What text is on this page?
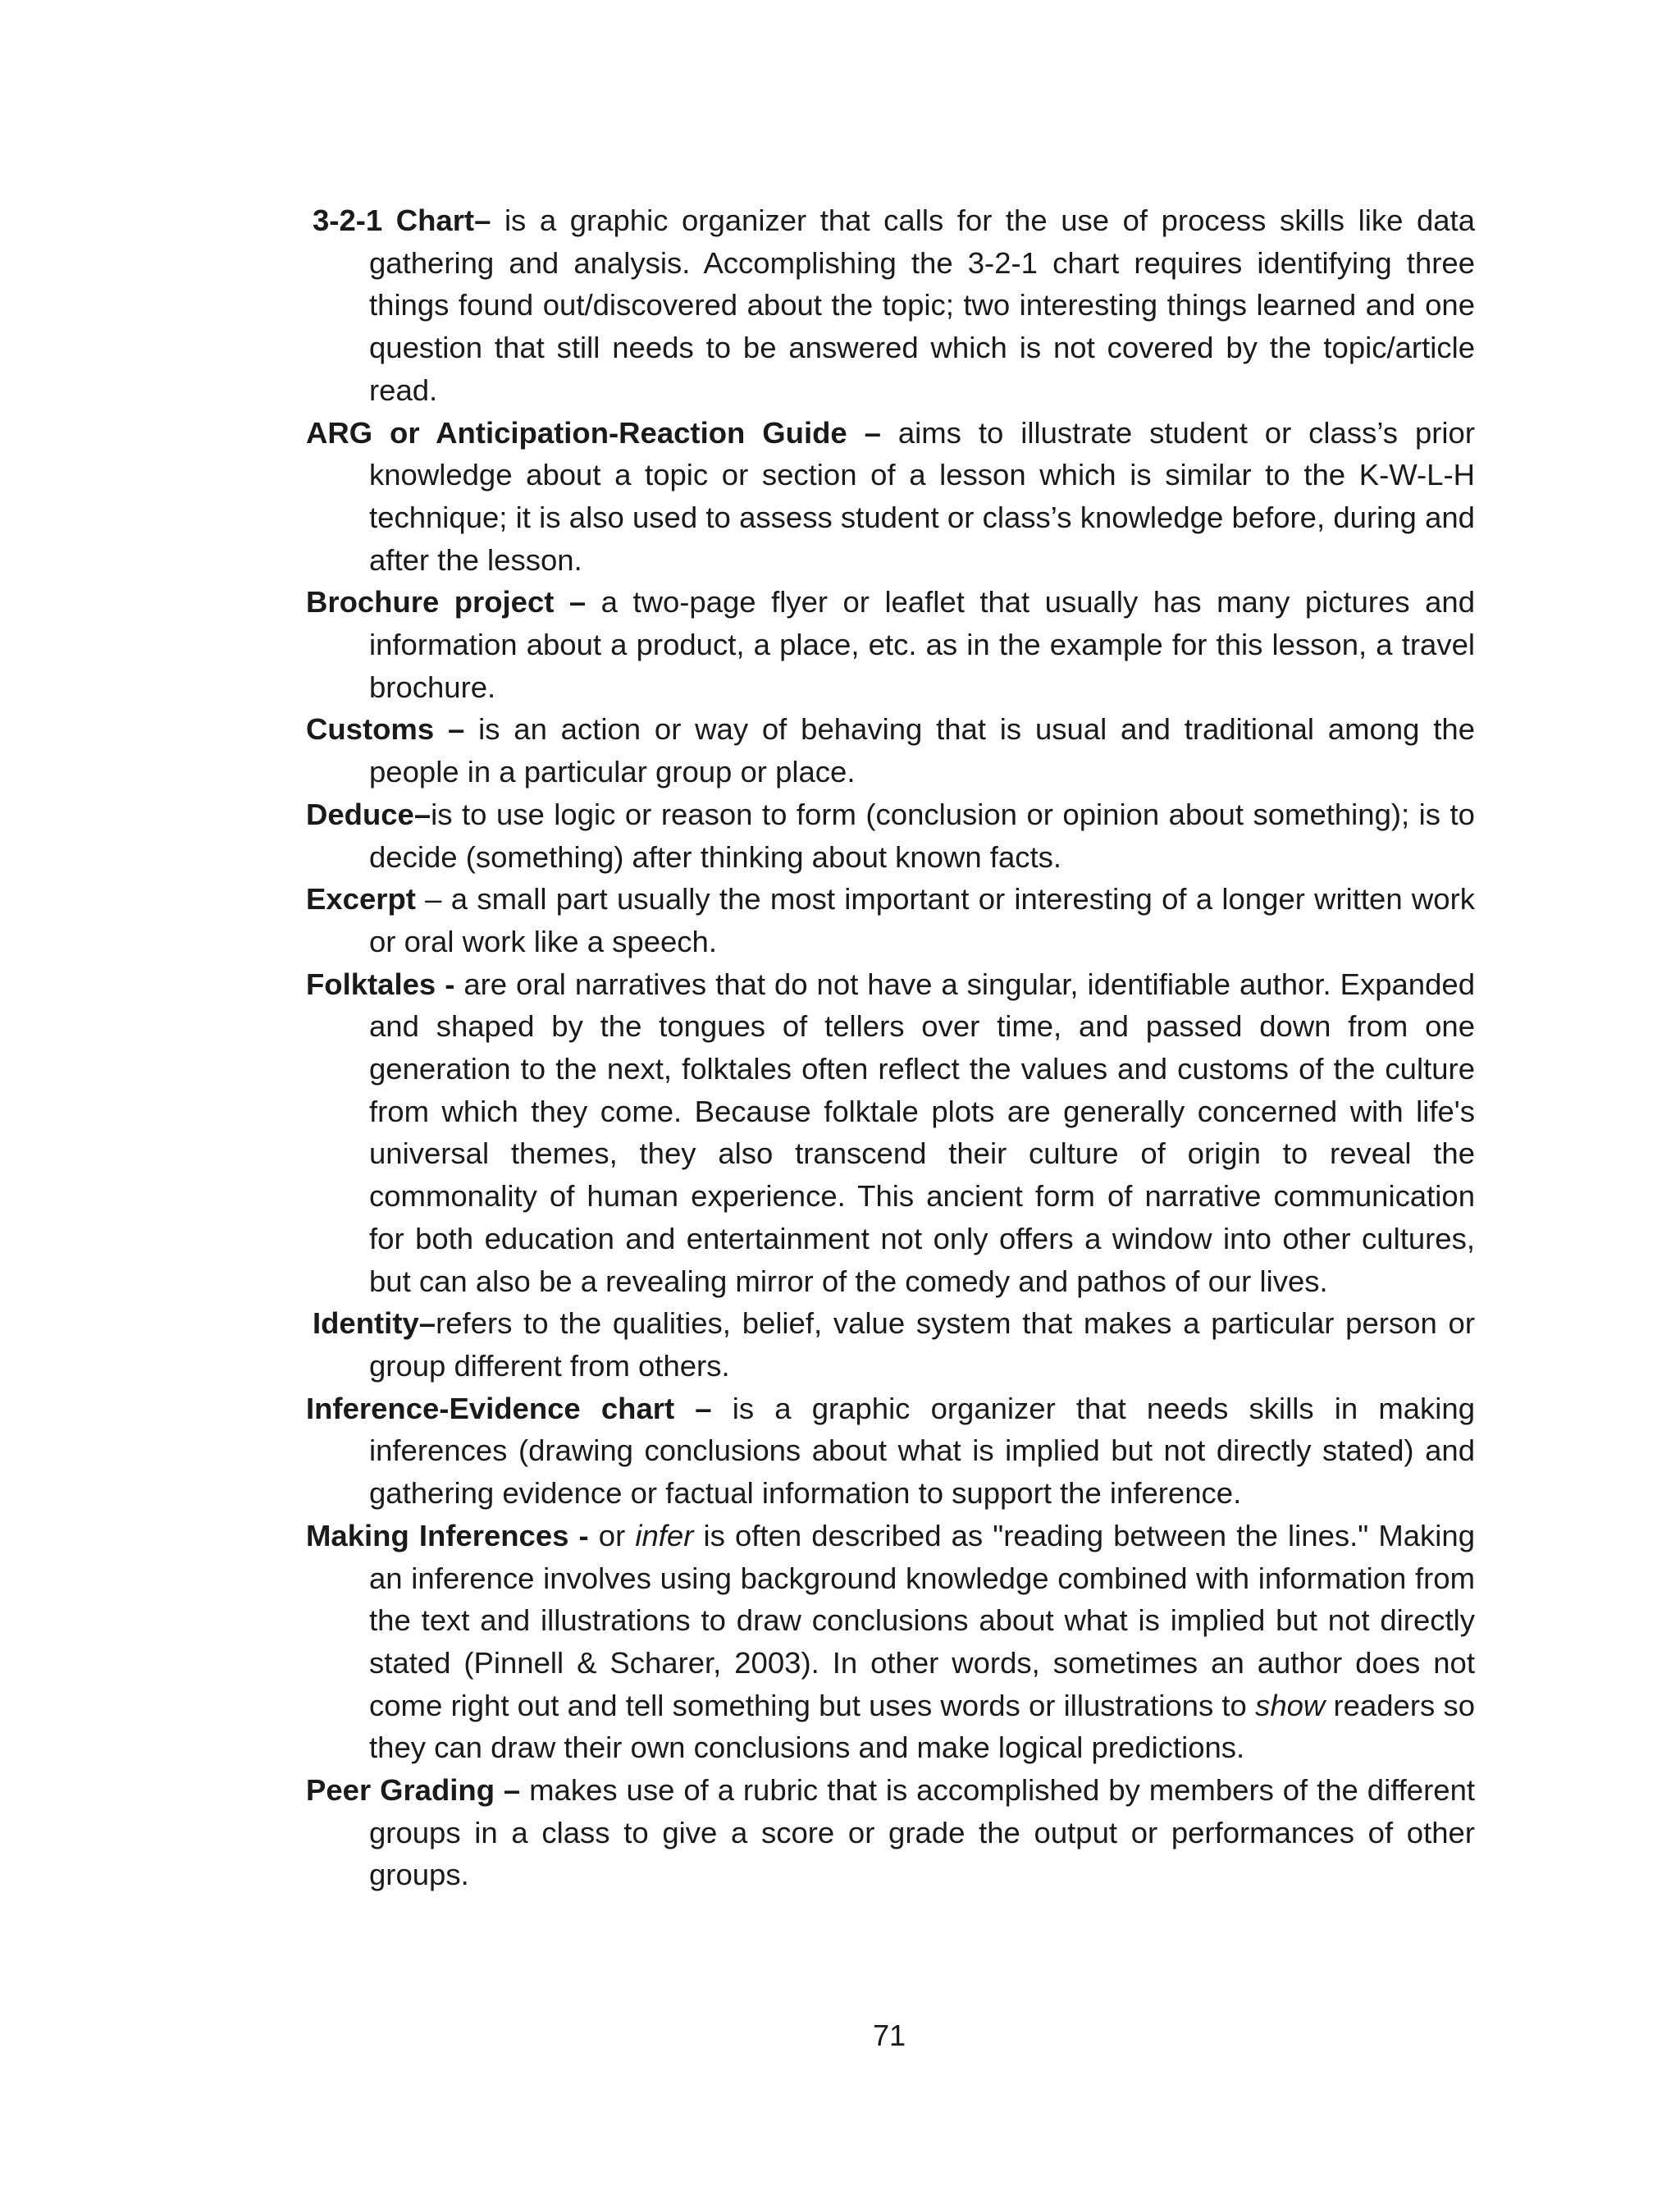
3-2-1 Chart– is a graphic organizer that calls for the use of process skills like data gathering and analysis. Accomplishing the 3-2-1 chart requires identifying three things found out/discovered about the topic; two interesting things learned and one question that still needs to be answered which is not covered by the topic/article read.

ARG or Anticipation-Reaction Guide – aims to illustrate student or class’s prior knowledge about a topic or section of a lesson which is similar to the K-W-L-H technique; it is also used to assess student or class’s knowledge before, during and after the lesson.

Brochure project – a two-page flyer or leaflet that usually has many pictures and information about a product, a place, etc. as in the example for this lesson, a travel brochure.

Customs – is an action or way of behaving that is usual and traditional among the people in a particular group or place.

Deduce–is to use logic or reason to form (conclusion or opinion about something); is to decide (something) after thinking about known facts.

Excerpt – a small part usually the most important or interesting of a longer written work or oral work like a speech.

Folktales - are oral narratives that do not have a singular, identifiable author. Expanded and shaped by the tongues of tellers over time, and passed down from one generation to the next, folktales often reflect the values and customs of the culture from which they come. Because folktale plots are generally concerned with life's universal themes, they also transcend their culture of origin to reveal the commonality of human experience. This ancient form of narrative communication for both education and entertainment not only offers a window into other cultures, but can also be a revealing mirror of the comedy and pathos of our lives.

Identity–refers to the qualities, belief, value system that makes a particular person or group different from others.

Inference-Evidence chart – is a graphic organizer that needs skills in making inferences (drawing conclusions about what is implied but not directly stated) and gathering evidence or factual information to support the inference.

Making Inferences - or infer is often described as "reading between the lines." Making an inference involves using background knowledge combined with information from the text and illustrations to draw conclusions about what is implied but not directly stated (Pinnell & Scharer, 2003). In other words, sometimes an author does not come right out and tell something but uses words or illustrations to show readers so they can draw their own conclusions and make logical predictions.

Peer Grading – makes use of a rubric that is accomplished by members of the different groups in a class to give a score or grade the output or performances of other groups.

71
